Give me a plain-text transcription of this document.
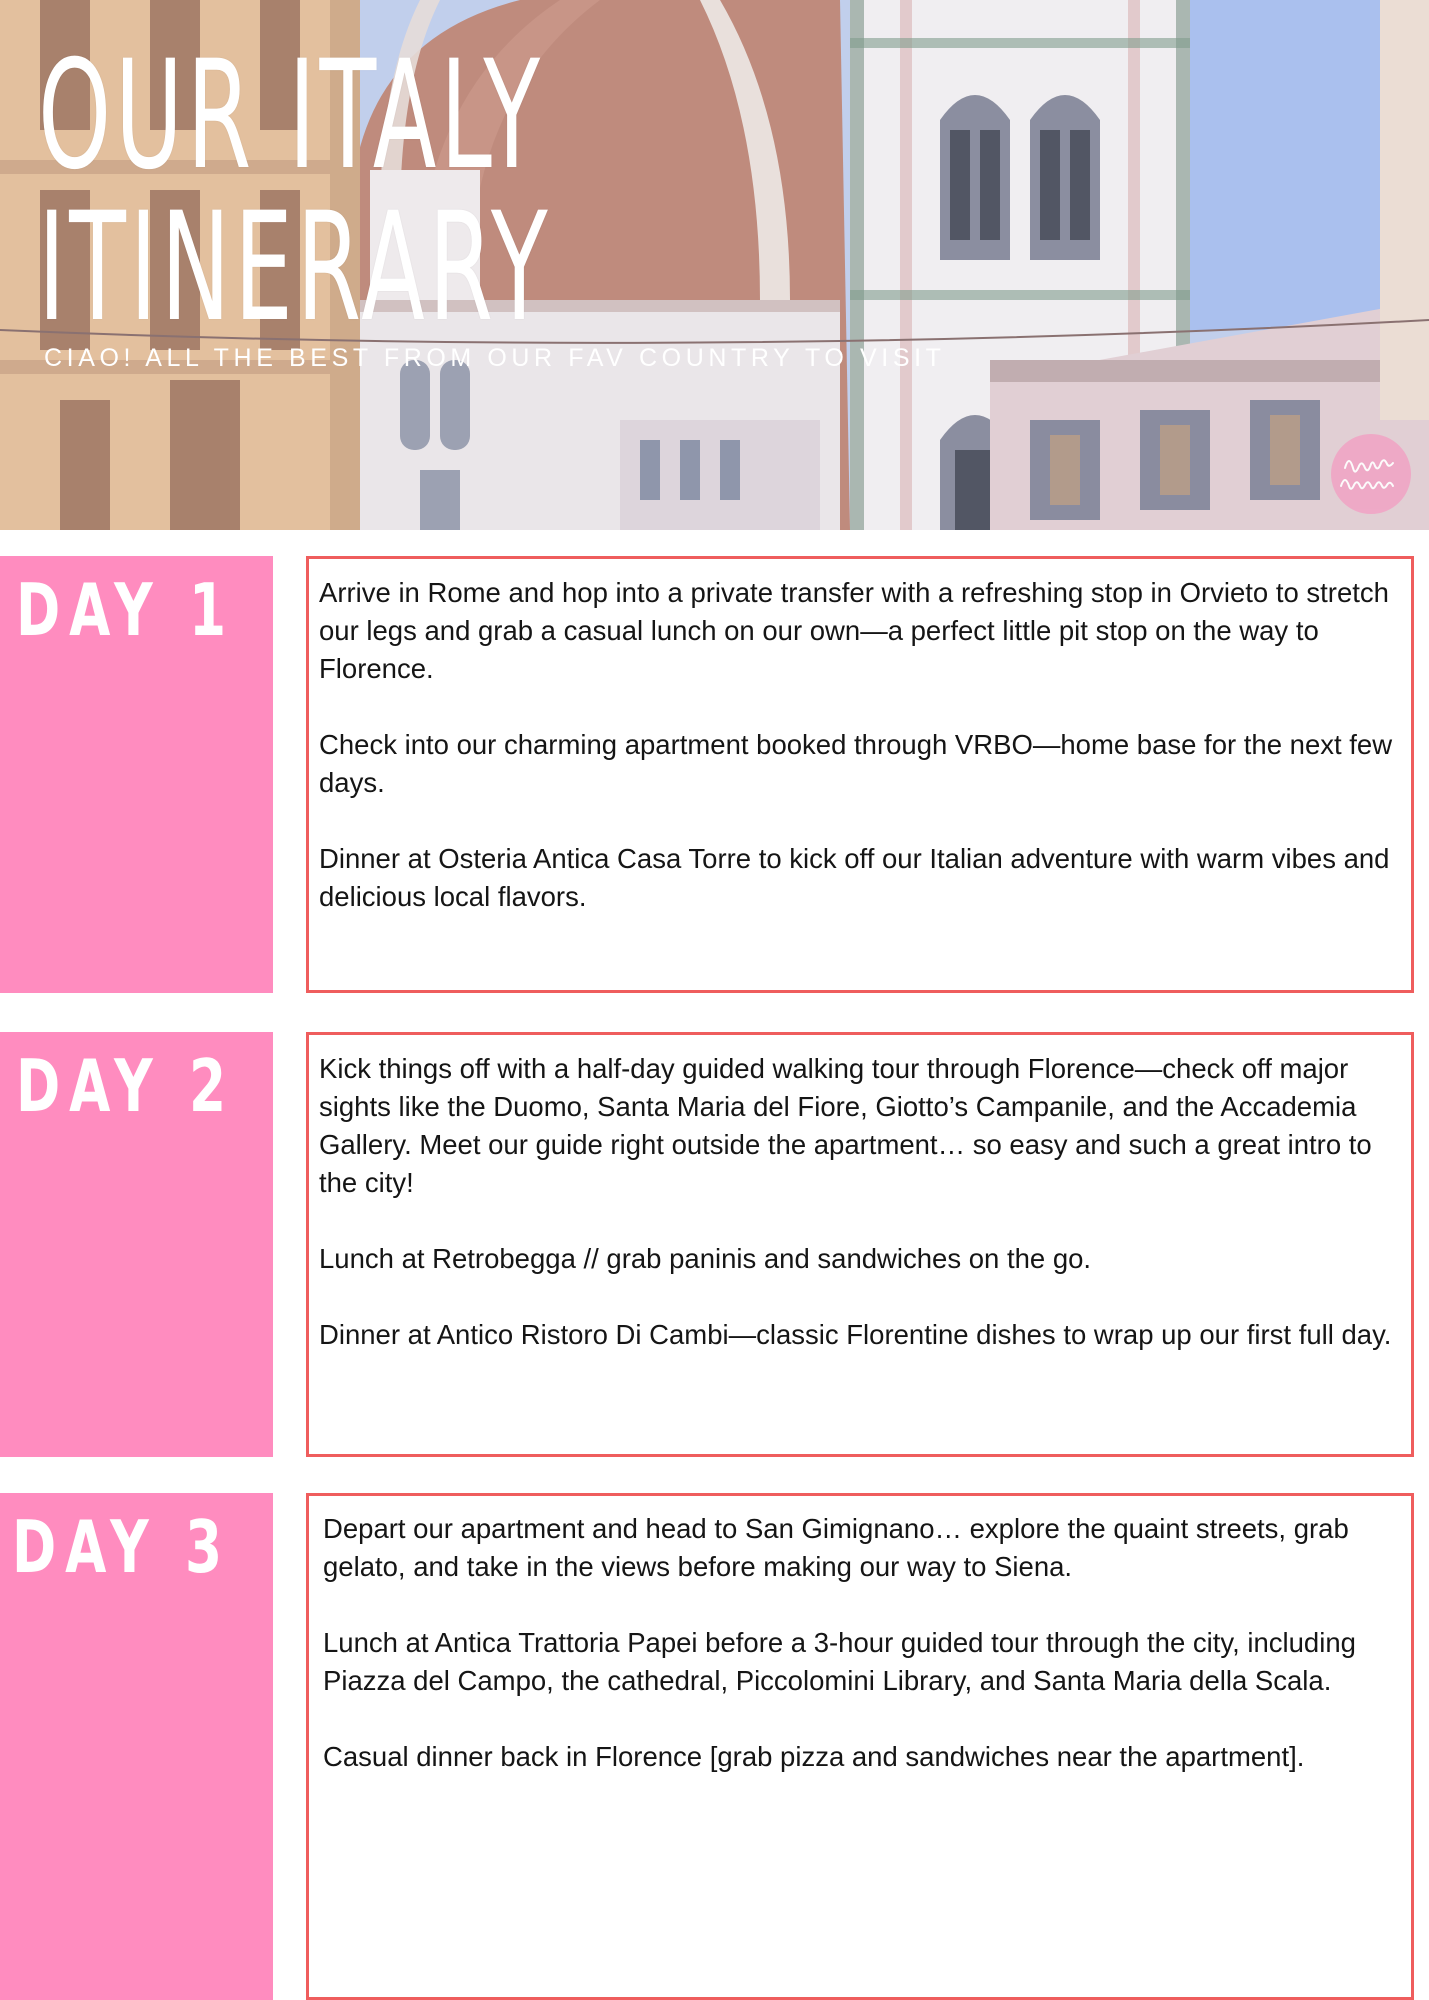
OUR ITALY
ITINERARY
CIAO! ALL THE BEST FROM OUR FAV COUNTRY TO VISIT
DAY 1	Arrive in Rome and hop into a private transfer with a refreshing stop in Orvieto to stretch our legs and grab a casual lunch on our own—a perfect little pit stop on the way to Florence.

Check into our charming apartment booked through VRBO—home base for the next few days.

Dinner at Osteria Antica Casa Torre to kick off our Italian adventure with warm vibes and delicious local flavors.

DAY 2	Kick things off with a half-day guided walking tour through Florence—check off major sights like the Duomo, Santa Maria del Fiore, Giotto’s Campanile, and the Accademia Gallery. Meet our guide right outside the apartment… so easy and such a great intro to the city!

Lunch at Retrobegga // grab paninis and sandwiches on the go.

Dinner at Antico Ristoro Di Cambi—classic Florentine dishes to wrap up our first full day.

DAY 3	Depart our apartment and head to San Gimignano… explore the quaint streets, grab gelato, and take in the views before making our way to Siena.

Lunch at Antica Trattoria Papei before a 3-hour guided tour through the city, including Piazza del Campo, the cathedral, Piccolomini Library, and Santa Maria della Scala.

Casual dinner back in Florence [grab pizza and sandwiches near the apartment].
